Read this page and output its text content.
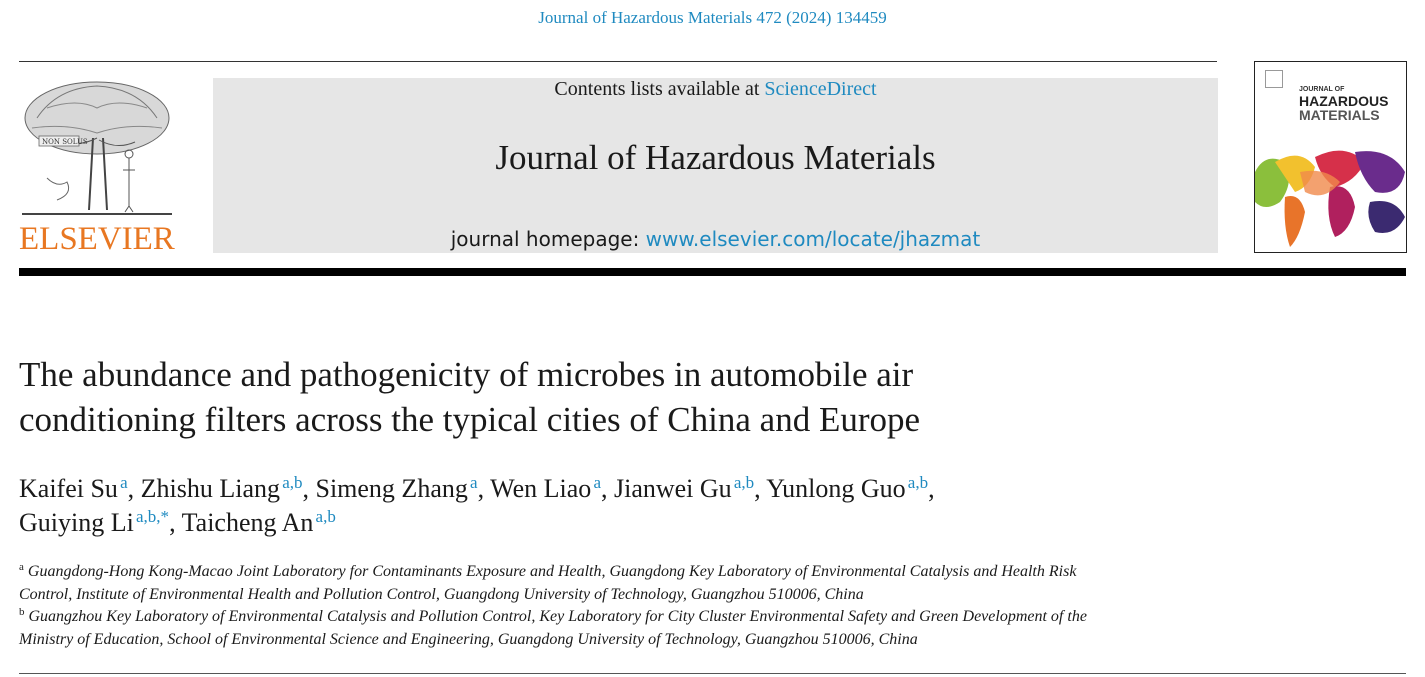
Journal of Hazardous Materials 472 (2024) 134459
NON SOLUS
ELSEVIER
Contents lists available at ScienceDirect
Journal of Hazardous Materials
journal homepage: www.elsevier.com/locate/jhazmat
JOURNAL OF
HAZARDOUS
MATERIALS
The abundance and pathogenicity of microbes in automobile air
conditioning filters across the typical cities of China and Europe
Kaifei Su  $^a$, Zhishu Liang  $^{a,b}$, Simeng Zhang  $^a$, Wen Liao  $^a$, Jianwei Gu  $^{a,b}$, Yunlong Guo  $^{a,b}$,
Guiying Li  $^{a,b,*}$, Taicheng An  $^{a,b}$
$^a$ Guangdong-Hong Kong-Macao Joint Laboratory for Contaminants Exposure and Health, Guangdong Key Laboratory of Environmental Catalysis and Health Risk
Control, Institute of Environmental Health and Pollution Control, Guangdong University of Technology, Guangzhou 510006, China
$^b$ Guangzhou Key Laboratory of Environmental Catalysis and Pollution Control, Key Laboratory for City Cluster Environmental Safety and Green Development of the
Ministry of Education, School of Environmental Science and Engineering, Guangdong University of Technology, Guangzhou 510006, China
